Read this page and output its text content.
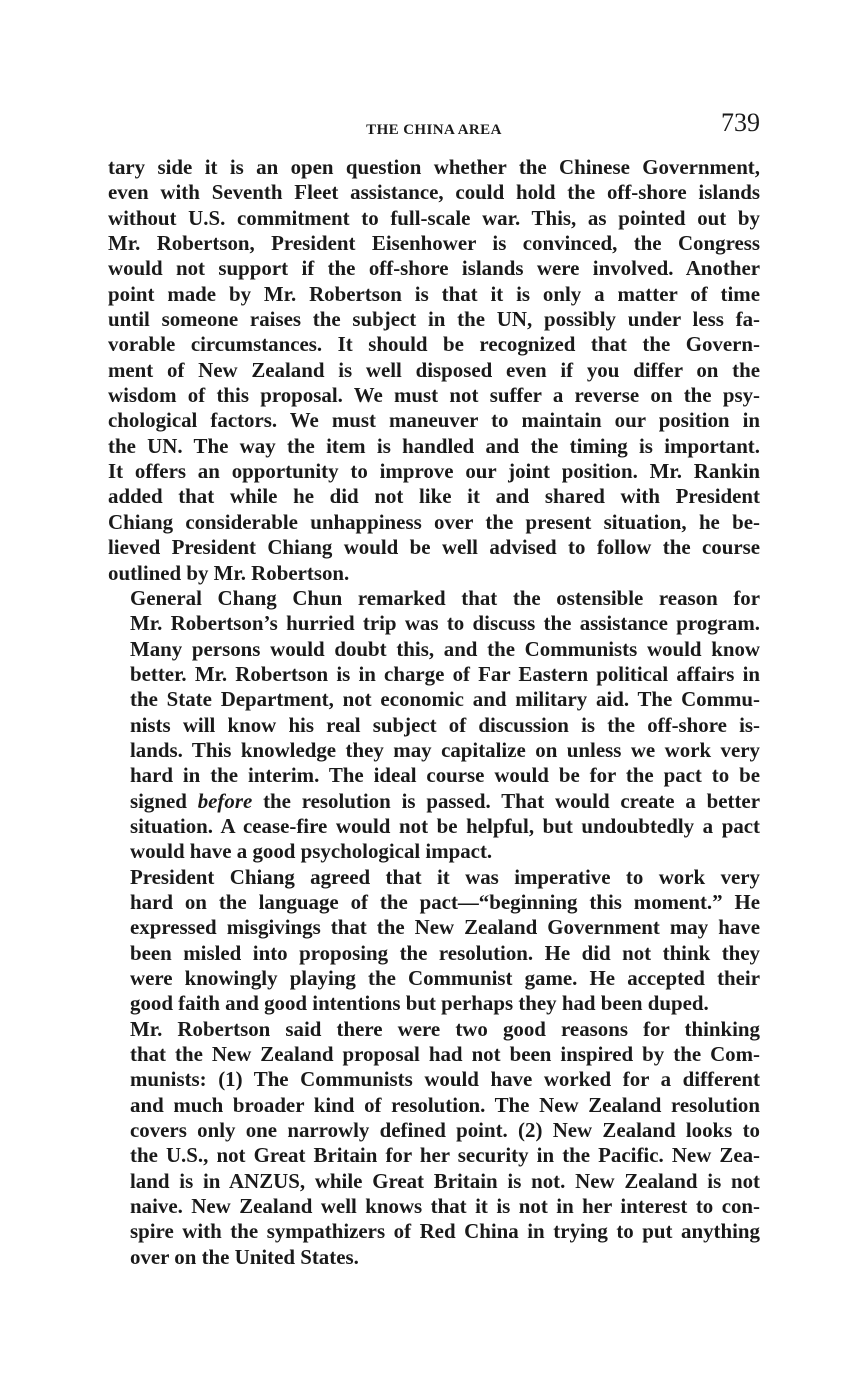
THE CHINA AREA	739

tary side it is an open question whether the Chinese Government,
even with Seventh Fleet assistance, could hold the off-shore islands
without U.S. commitment to full-scale war. This, as pointed out by
Mr. Robertson, President Eisenhower is convinced, the Congress
would not support if the off-shore islands were involved. Another
point made by Mr. Robertson is that it is only a matter of time
until someone raises the subject in the UN, possibly under less fa-
vorable circumstances. It should be recognized that the Govern-
ment of New Zealand is well disposed even if you differ on the
wisdom of this proposal. We must not suffer a reverse on the psy-
chological factors. We must maneuver to maintain our position in
the UN. The way the item is handled and the timing is important.
It offers an opportunity to improve our joint position. Mr. Rankin
added that while he did not like it and shared with President
Chiang considerable unhappiness over the present situation, he be-
lieved President Chiang would be well advised to follow the course
outlined by Mr. Robertson.

General Chang Chun remarked that the ostensible reason for
Mr. Robertson’s hurried trip was to discuss the assistance program.
Many persons would doubt this, and the Communists would know
better. Mr. Robertson is in charge of Far Eastern political affairs in
the State Department, not economic and military aid. The Commu-
nists will know his real subject of discussion is the off-shore is-
lands. This knowledge they may capitalize on unless we work very
hard in the interim. The ideal course would be for the pact to be
signed before the resolution is passed. That would create a better
situation. A cease-fire would not be helpful, but undoubtedly a pact
would have a good psychological impact.

President Chiang agreed that it was imperative to work very
hard on the language of the pact—“beginning this moment.” He
expressed misgivings that the New Zealand Government may have
been misled into proposing the resolution. He did not think they
were knowingly playing the Communist game. He accepted their
good faith and good intentions but perhaps they had been duped.

Mr. Robertson said there were two good reasons for thinking
that the New Zealand proposal had not been inspired by the Com-
munists: (1) The Communists would have worked for a different
and much broader kind of resolution. The New Zealand resolution
covers only one narrowly defined point. (2) New Zealand looks to
the U.S., not Great Britain for her security in the Pacific. New Zea-
land is in ANZUS, while Great Britain is not. New Zealand is not
naive. New Zealand well knows that it is not in her interest to con-
spire with the sympathizers of Red China in trying to put anything
over on the United States.
